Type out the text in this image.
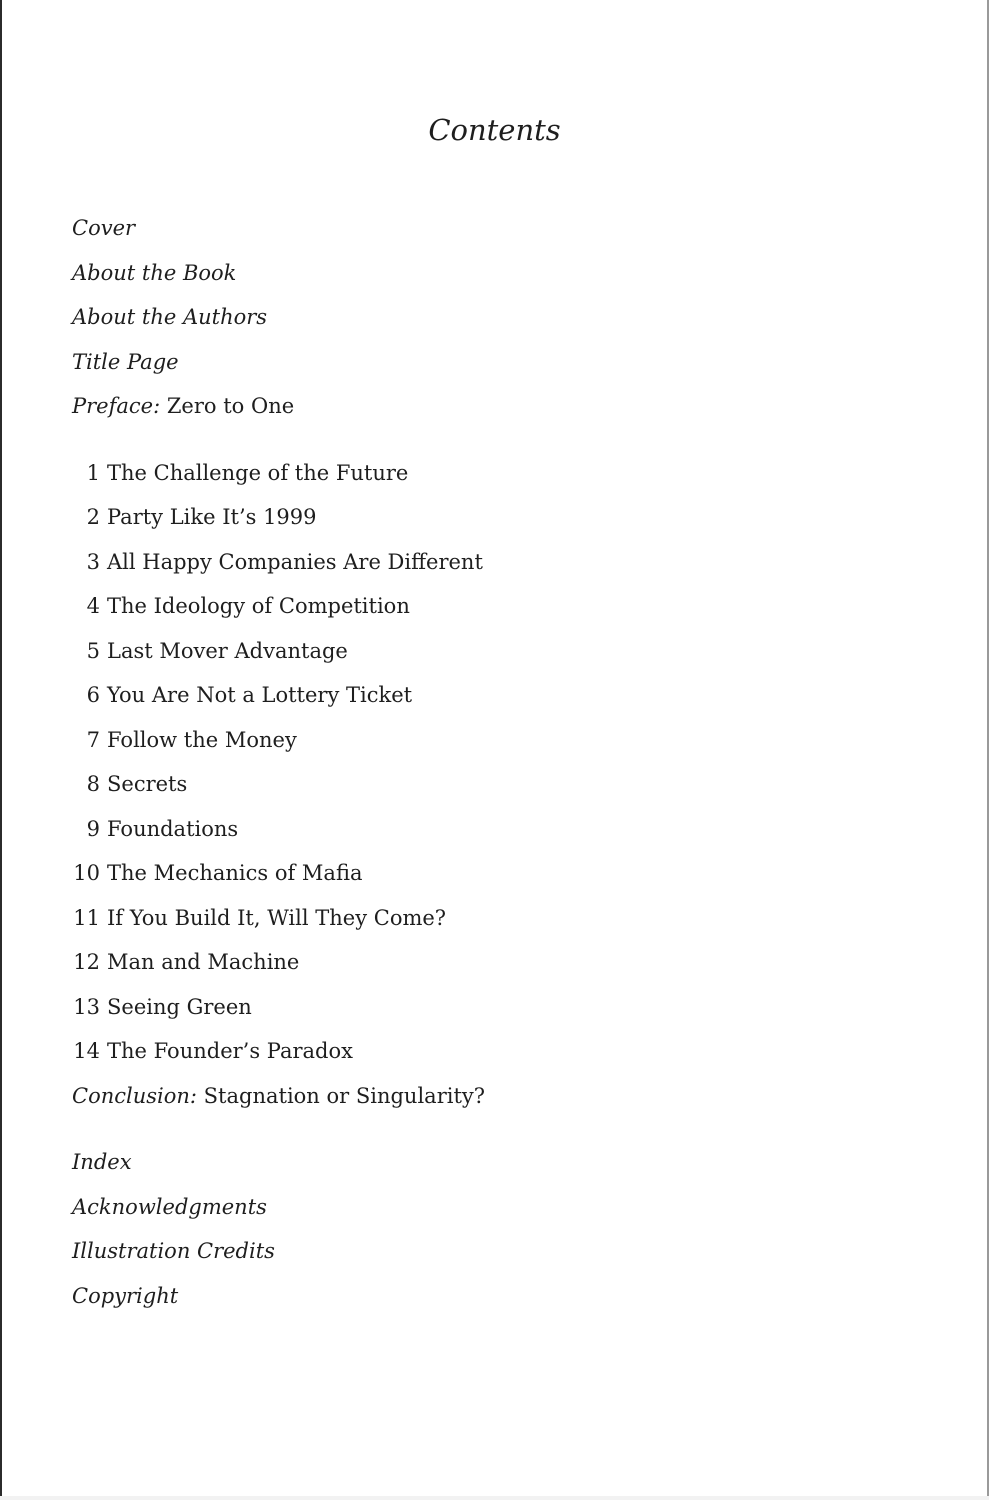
Contents
Cover
About the Book
About the Authors
Title Page
Preface: Zero to One
1 The Challenge of the Future
2 Party Like It’s 1999
3 All Happy Companies Are Different
4 The Ideology of Competition
5 Last Mover Advantage
6 You Are Not a Lottery Ticket
7 Follow the Money
8 Secrets
9 Foundations
10 The Mechanics of Mafia
11 If You Build It, Will They Come?
12 Man and Machine
13 Seeing Green
14 The Founder’s Paradox
Conclusion: Stagnation or Singularity?
Index
Acknowledgments
Illustration Credits
Copyright
